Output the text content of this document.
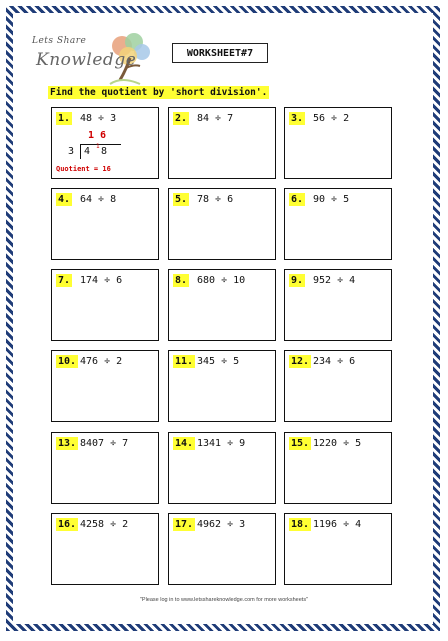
Lets Share
Knowledge	WORKSHEET#7
Find the quotient by 'short division'.
1. 48 ÷ 3
1 6
3 4 1 8
Quotient = 16
2. 84 ÷ 7	3. 56 ÷ 2
4. 64 ÷ 8	5. 78 ÷ 6	6. 90 ÷ 5
7. 174 ÷ 6	8. 680 ÷ 10	9. 952 ÷ 4
10. 476 ÷ 2	11. 345 ÷ 5	12. 234 ÷ 6
13. 8407 ÷ 7	14. 1341 ÷ 9	15. 1220 ÷ 5
16. 4258 ÷ 2	17. 4962 ÷ 3	18. 1196 ÷ 4
"Please log in to www.letsshareknowledge.com for more worksheets"
